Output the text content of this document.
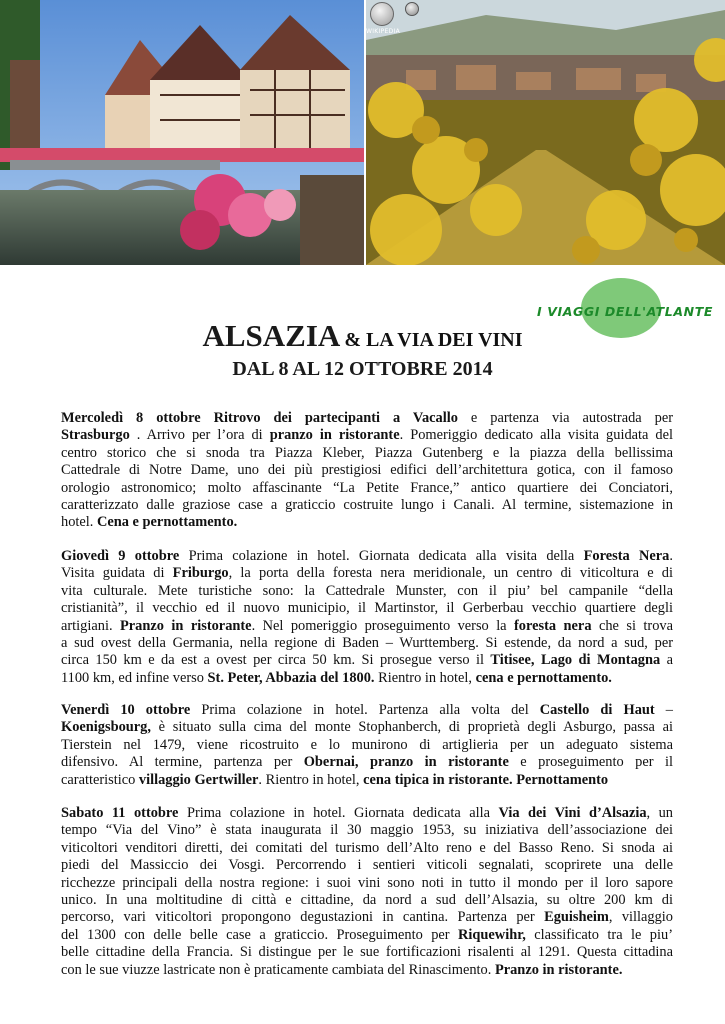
WIKIPEDIA
I VIAGGI DELL'ATLANTE
ALSAZIA & LA VIA DEI VINI
DAL 8 AL 12 OTTOBRE 2014
Mercoledì 8 ottobre Ritrovo dei partecipanti a Vacallo e partenza via autostrada per
Strasburgo . Arrivo per l’ora di pranzo in ristorante. Pomeriggio dedicato alla visita guidata del
centro storico che si snoda tra Piazza Kleber, Piazza Gutenberg e la piazza della bellissima
Cattedrale di Notre Dame, uno dei più prestigiosi edifici dell’architettura gotica, con il famoso
orologio astronomico; molto affascinante “La Petite France,” antico quartiere dei Conciatori,
caratterizzato dalle graziose case a graticcio costruite lungo i Canali. Al termine, sistemazione in
hotel. Cena e pernottamento.
Giovedì 9 ottobre Prima colazione in hotel. Giornata dedicata alla visita della Foresta Nera.
Visita guidata di Friburgo, la porta della foresta nera meridionale, un centro di viticoltura e di
vita culturale. Mete turistiche sono: la Cattedrale Munster, con il piu’ bel campanile “della
cristianità”, il vecchio ed il nuovo municipio, il Martinstor, il Gerberbau vecchio quartiere degli
artigiani. Pranzo in ristorante. Nel pomeriggio proseguimento verso la foresta nera che si trova
a sud ovest della Germania, nella regione di Baden – Wurttemberg. Si estende, da nord a sud, per
circa 150 km e da est a ovest per circa 50 km. Si prosegue verso il Titisee, Lago di Montagna a
1100 km, ed infine verso St. Peter, Abbazia del 1800. Rientro in hotel, cena e pernottamento.
Venerdì 10 ottobre Prima colazione in hotel. Partenza alla volta del Castello di Haut –
Koenigsbourg, è situato sulla cima del monte Stophanberch, di proprietà degli Asburgo, passa ai
Tierstein nel 1479, viene ricostruito e lo munirono di artiglieria per un adeguato sistema
difensivo. Al termine, partenza per Obernai, pranzo in ristorante e proseguimento per il
caratteristico villaggio Gertwiller. Rientro in hotel, cena tipica in ristorante. Pernottamento
Sabato 11 ottobre Prima colazione in hotel. Giornata dedicata alla Via dei Vini d’Alsazia, un
tempo “Via del Vino” è stata inaugurata il 30 maggio 1953, su iniziativa dell’associazione dei
viticoltori venditori diretti, dei comitati del turismo dell’Alto reno e del Basso Reno. Si snoda ai
piedi del Massiccio dei Vosgi. Percorrendo i sentieri viticoli segnalati, scoprirete una delle
ricchezze principali della nostra regione: i suoi vini sono noti in tutto il mondo per il loro sapore
unico. In una moltitudine di città e cittadine, da nord a sud dell’Alsazia, su oltre 200 km di
percorso, vari viticoltori propongono degustazioni in cantina. Partenza per Eguisheim, villaggio
del 1300 con delle belle case a graticcio. Proseguimento per Riquewihr, classificato tra le piu’
belle cittadine della Francia. Si distingue per le sue fortificazioni risalenti al 1291. Questa cittadina
con le sue viuzze lastricate non è praticamente cambiata del Rinascimento. Pranzo in ristorante.
